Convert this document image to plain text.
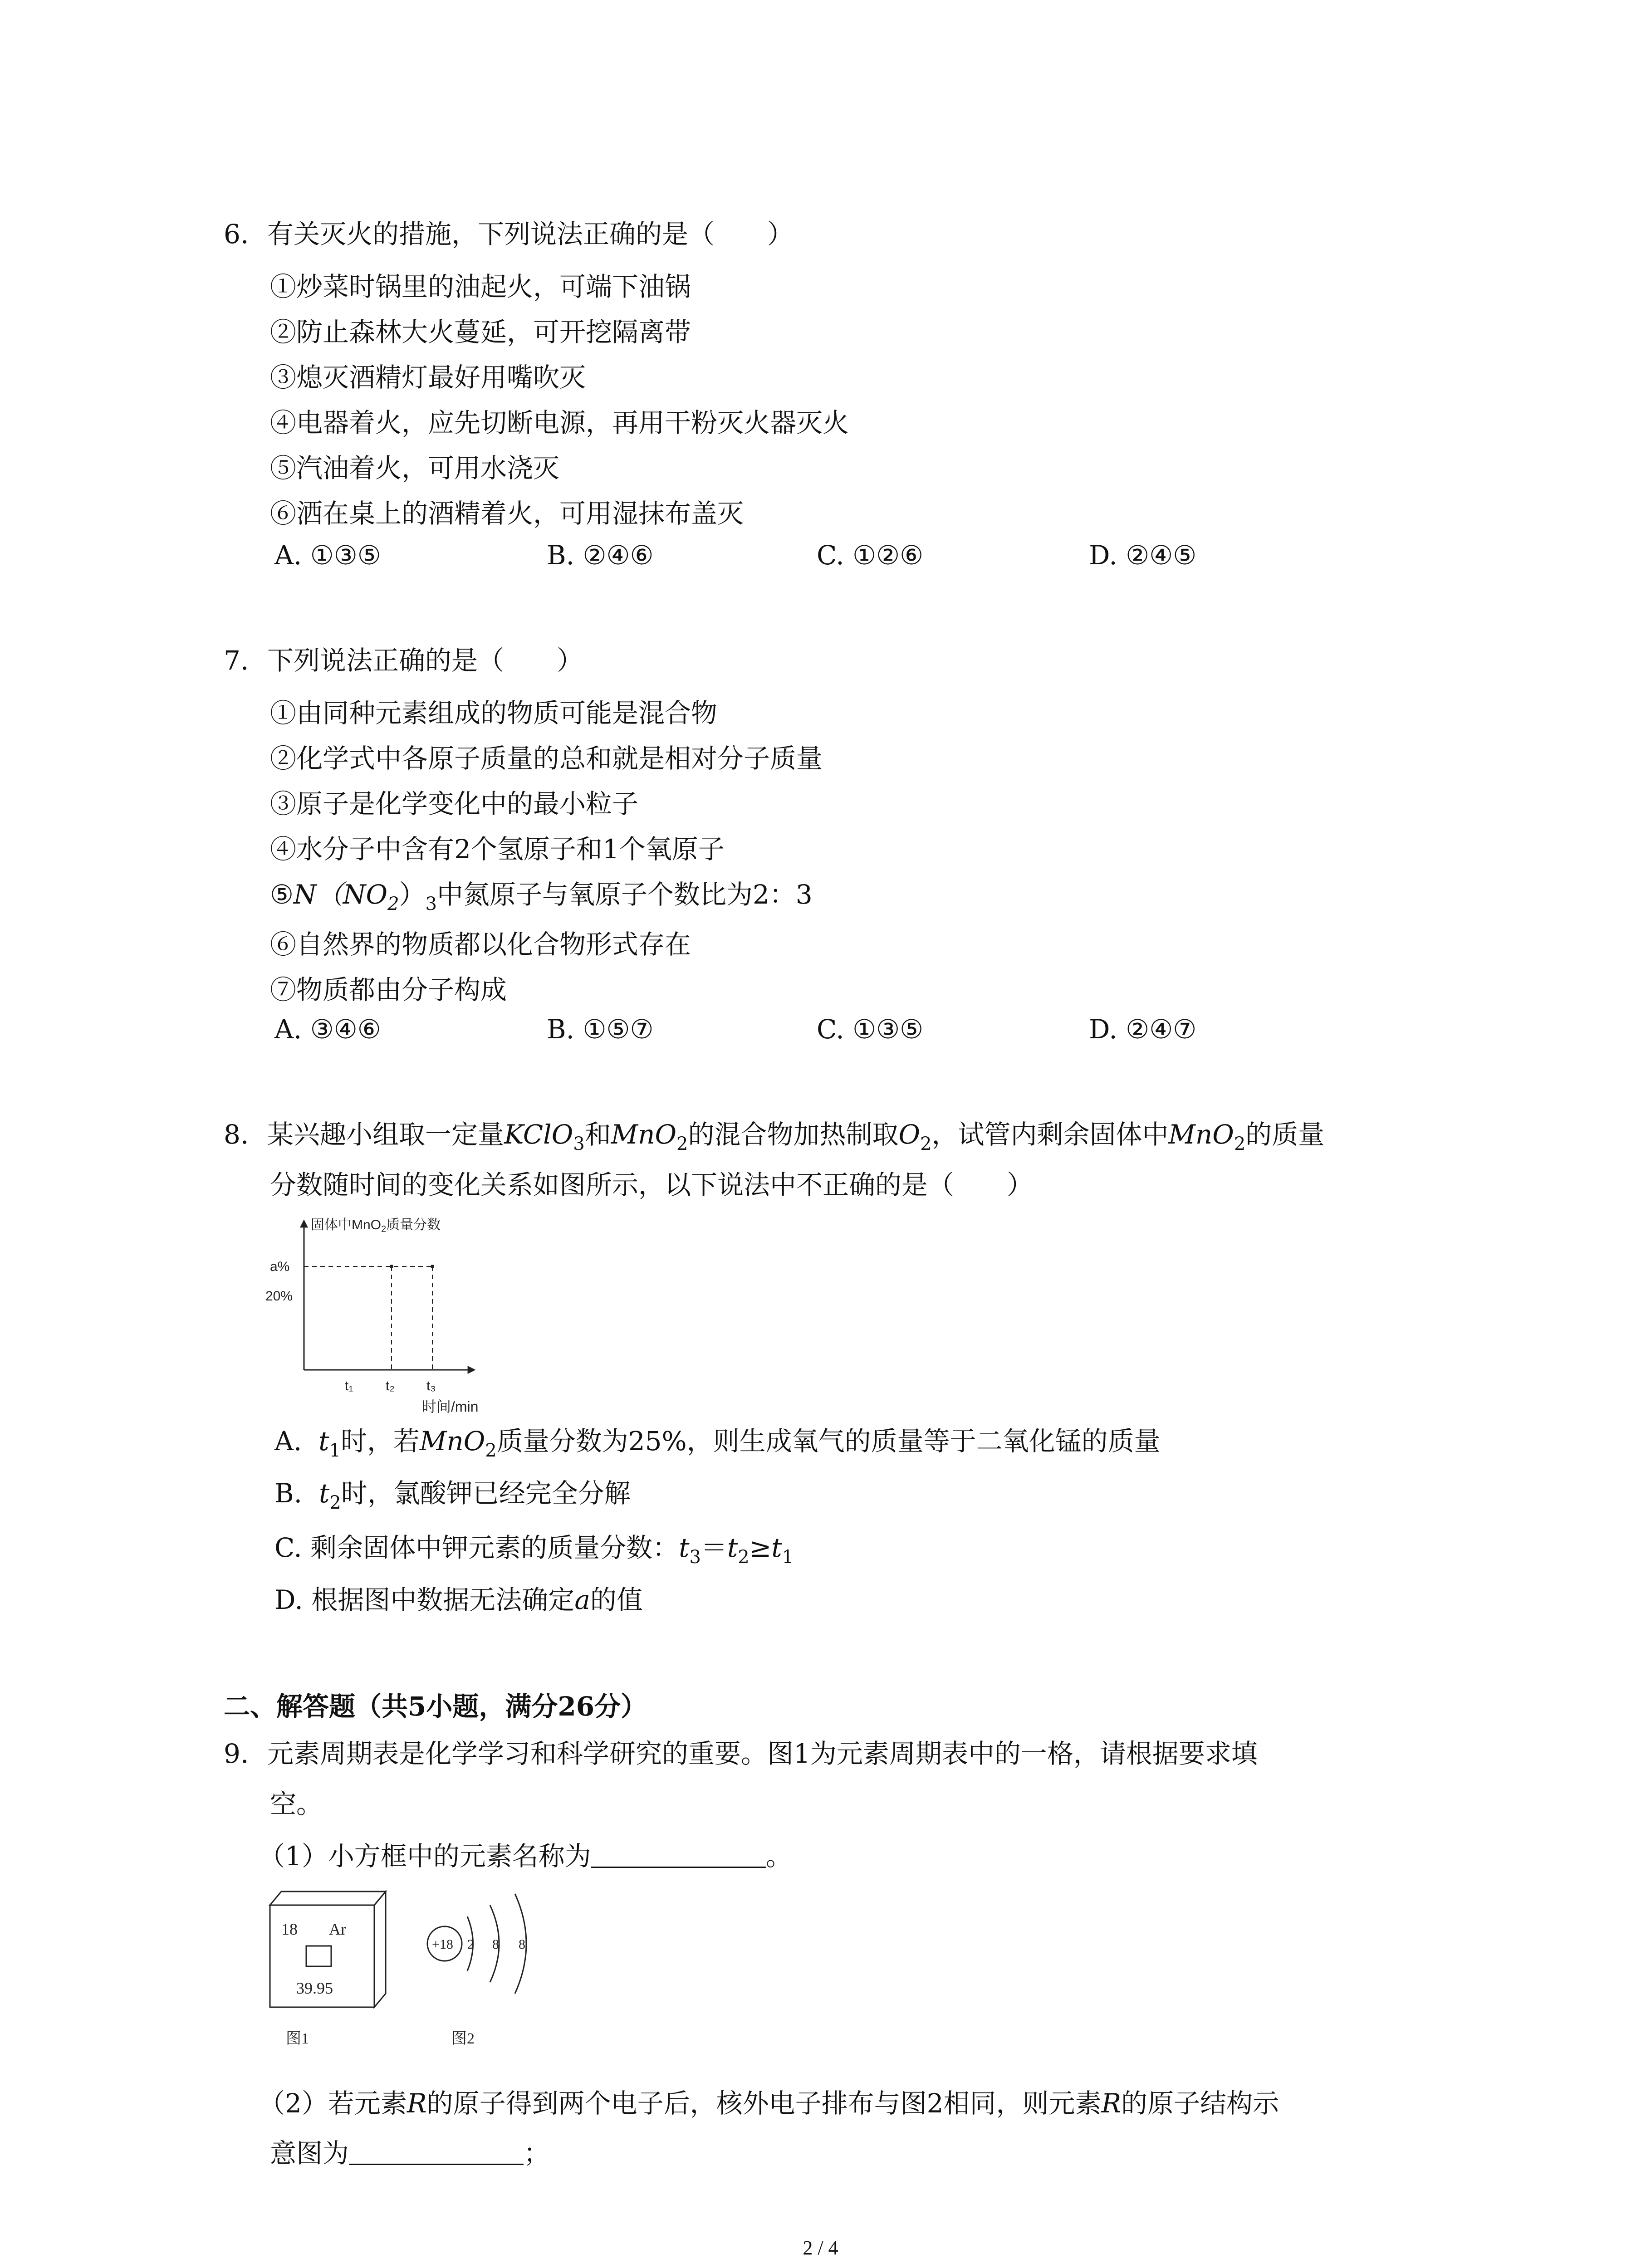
6. 有关灭火的措施，下列说法正确的是（　　）
①炒菜时锅里的油起火，可端下油锅
②防止森林大火蔓延，可开挖隔离带
③熄灭酒精灯最好用嘴吹灭
④电器着火，应先切断电源，再用干粉灭火器灭火
⑤汽油着火，可用水浇灭
⑥洒在桌上的酒精着火，可用湿抹布盖灭
A. ①③⑤	B. ②④⑥	C. ①②⑥	D. ②④⑤
7. 下列说法正确的是（　　）
①由同种元素组成的物质可能是混合物
②化学式中各原子质量的总和就是相对分子质量
③原子是化学变化中的最小粒子
④水分子中含有2个氢原子和1个氧原子
$⑤N(NO_2)_3$中氮原子与氧原子个数比为2：3
⑥自然界的物质都以化合物形式存在
⑦物质都由分子构成
A. ③④⑥	B. ①⑤⑦	C. ①③⑤	D. ②④⑦
8. 某兴趣小组取一定量KClO$_3$和MnO$_2$的混合物加热制取$O_2$，试管内剩余固体中MnO$_2$的质量
分数随时间的变化关系如图所示，以下说法中不正确的是（　　）
固体中MnO$_2$质量分数
a%
20%
t₁ t₂ t₃
时间/min
A. $t_1$时，若MnO$_2$质量分数为25%，则生成氧气的质量等于二氧化锰的质量
B. $t_2$时，氯酸钾已经完全分解
C. 剩余固体中钾元素的质量分数：$t_3=t_2\ge t_1$
D. 根据图中数据无法确定a的值
二、解答题（共5小题，满分26分）
9. 元素周期表是化学学习和科学研究的重要。图1为元素周期表中的一格，请根据要求填
空。
（1）小方框中的元素名称为	。
18 Ar
39.95
图1
+18 2 8 8
图2
（2）若元素R的原子得到两个电子后，核外电子排布与图2相同，则元素R的原子结构示
意图为	；
2 / 4
